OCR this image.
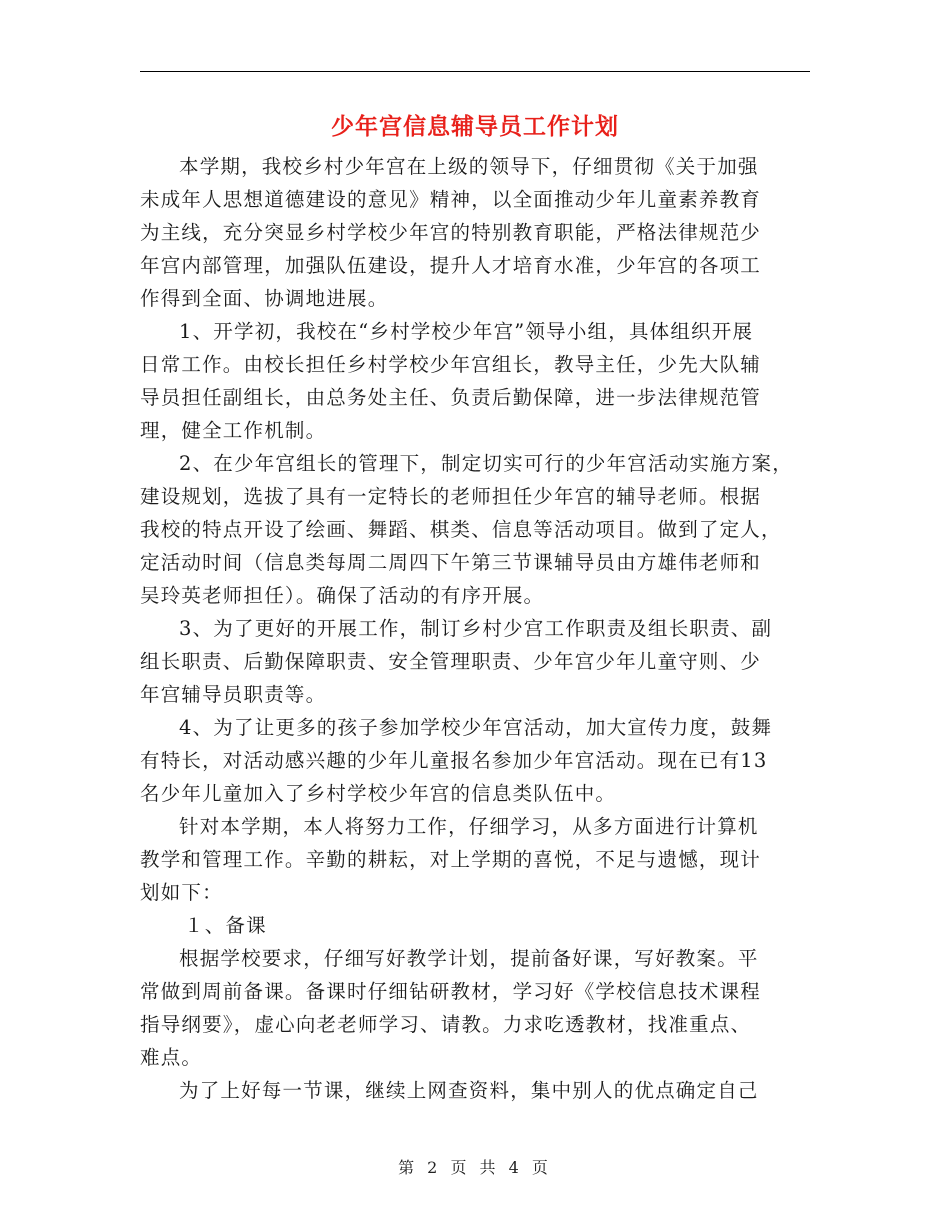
少年宫信息辅导员工作计划

本学期，我校乡村少年宫在上级的领导下，仔细贯彻《关于加强
未成年人思想道德建设的意见》精神，以全面推动少年儿童素养教育
为主线，充分突显乡村学校少年宫的特别教育职能，严格法律规范少
年宫内部管理，加强队伍建设，提升人才培育水准，少年宫的各项工
作得到全面、协调地进展。

1、开学初，我校在“乡村学校少年宫”领导小组，具体组织开展
日常工作。由校长担任乡村学校少年宫组长，教导主任，少先大队辅
导员担任副组长，由总务处主任、负责后勤保障，进一步法律规范管
理，健全工作机制。

2、在少年宫组长的管理下，制定切实可行的少年宫活动实施方案，
建设规划，选拔了具有一定特长的老师担任少年宫的辅导老师。根据
我校的特点开设了绘画、舞蹈、棋类、信息等活动项目。做到了定人，
定活动时间（信息类每周二周四下午第三节课辅导员由方雄伟老师和
吴玲英老师担任）。确保了活动的有序开展。

3、为了更好的开展工作，制订乡村少宫工作职责及组长职责、副
组长职责、后勤保障职责、安全管理职责、少年宫少年儿童守则、少
年宫辅导员职责等。

4、为了让更多的孩子参加学校少年宫活动，加大宣传力度，鼓舞
有特长，对活动感兴趣的少年儿童报名参加少年宫活动。现在已有13
名少年儿童加入了乡村学校少年宫的信息类队伍中。

针对本学期，本人将努力工作，仔细学习，从多方面进行计算机
教学和管理工作。辛勤的耕耘，对上学期的喜悦，不足与遗憾，现计
划如下：

１、备课

根据学校要求，仔细写好教学计划，提前备好课，写好教案。平
常做到周前备课。备课时仔细钻研教材，学习好《学校信息技术课程
指导纲要》，虚心向老老师学习、请教。力求吃透教材，找准重点、
难点。

为了上好每一节课，继续上网查资料，集中别人的优点确定自己

第 2 页 共 4 页
